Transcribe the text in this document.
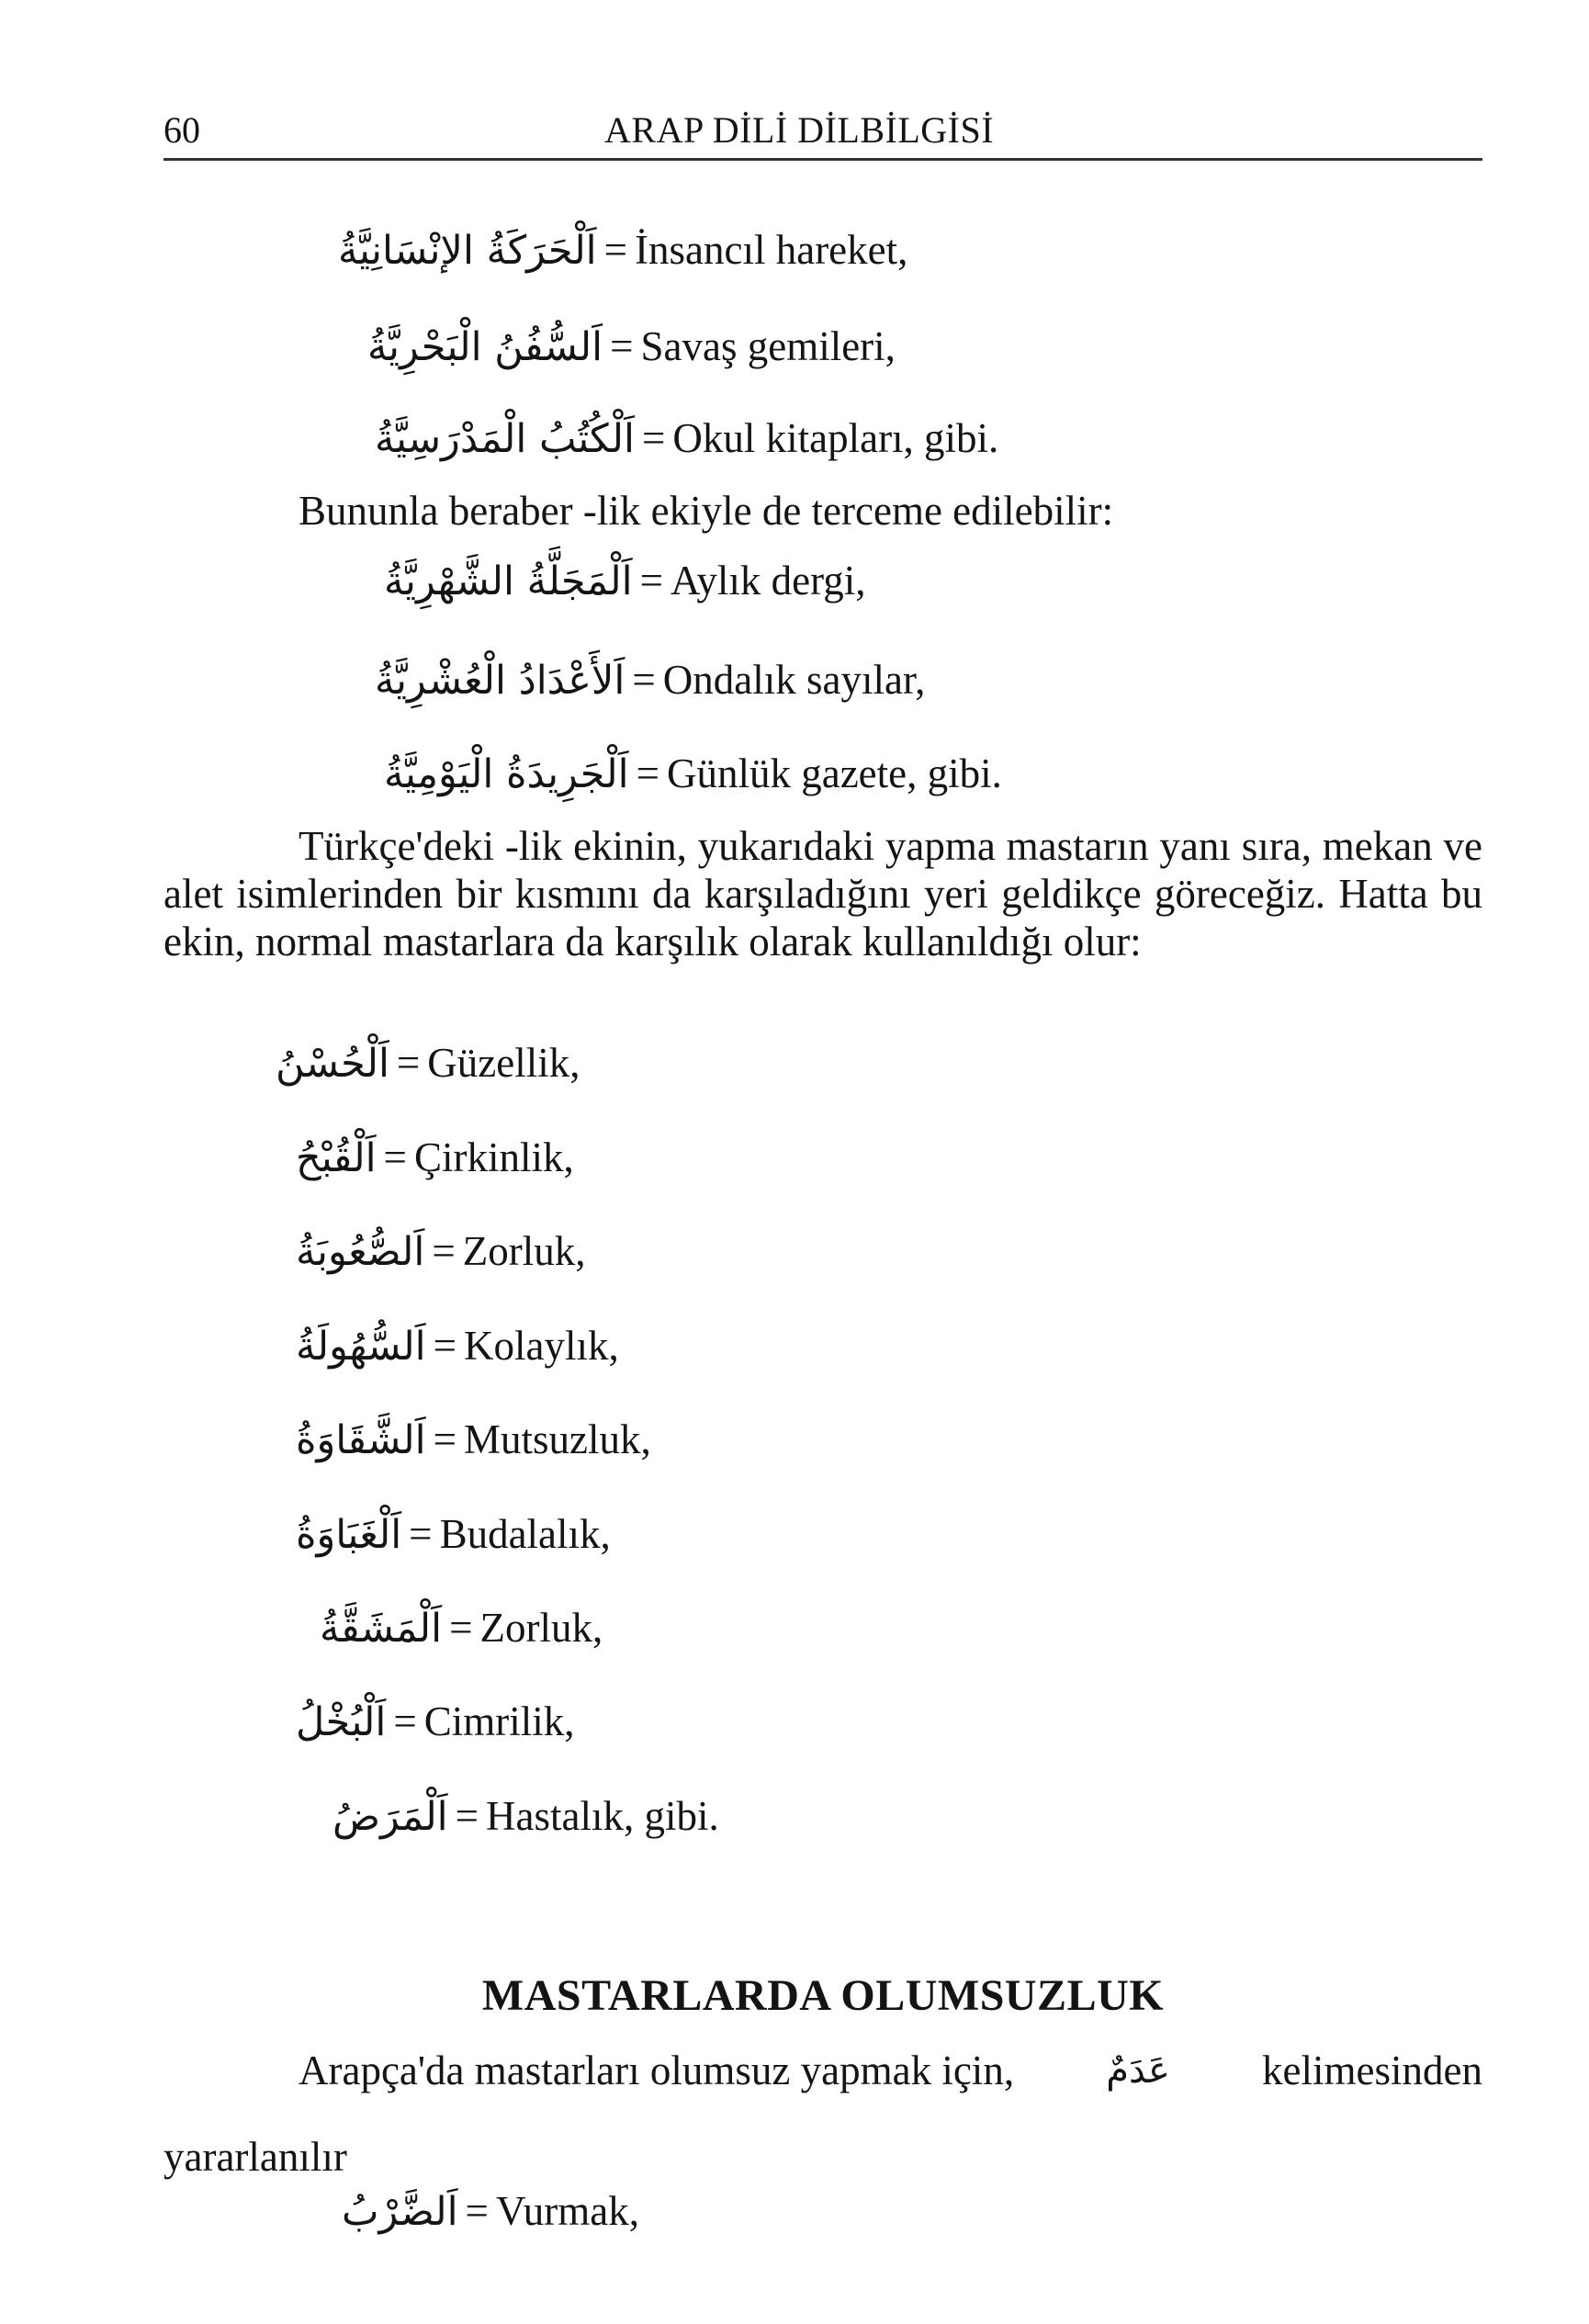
60	ARAP DİLİ DİLBİLGİSİ
اَلْحَرَكَةُ الإنْسَانِيَّةُ = İnsancıl hareket,
اَلسُّفُنُ الْبَحْرِيَّةُ = Savaş gemileri,
اَلْكُتُبُ الْمَدْرَسِيَّةُ = Okul kitapları, gibi.
Bununla beraber -lik ekiyle de terceme edilebilir:
اَلْمَجَلَّةُ الشَّهْرِيَّةُ = Aylık dergi,
اَلأَعْدَادُ الْعُشْرِيَّةُ = Ondalık sayılar,
اَلْجَرِيدَةُ الْيَوْمِيَّةُ = Günlük gazete, gibi.
Türkçe'deki -lik ekinin, yukarıdaki yapma mastarın yanı sıra, mekan ve alet isimlerinden bir kısmını da karşıladığını yeri geldikçe göreceğiz. Hatta bu ekin, normal mastarlara da karşılık olarak kullanıldığı olur:
اَلْحُسْنُ = Güzellik,
اَلْقُبْحُ = Çirkinlik,
اَلصُّعُوبَةُ = Zorluk,
اَلسُّهُولَةُ = Kolaylık,
اَلشَّقَاوَةُ = Mutsuzluk,
اَلْغَبَاوَةُ = Budalalık,
اَلْمَشَقَّةُ = Zorluk,
اَلْبُخْلُ = Cimrilik,
اَلْمَرَضُ = Hastalık, gibi.
MASTARLARDA OLUMSUZLUK
Arapça'da mastarları olumsuz yapmak için,	عَدَمٌ kelimesinden
yararlanılır
اَلضَّرْبُ = Vurmak,
